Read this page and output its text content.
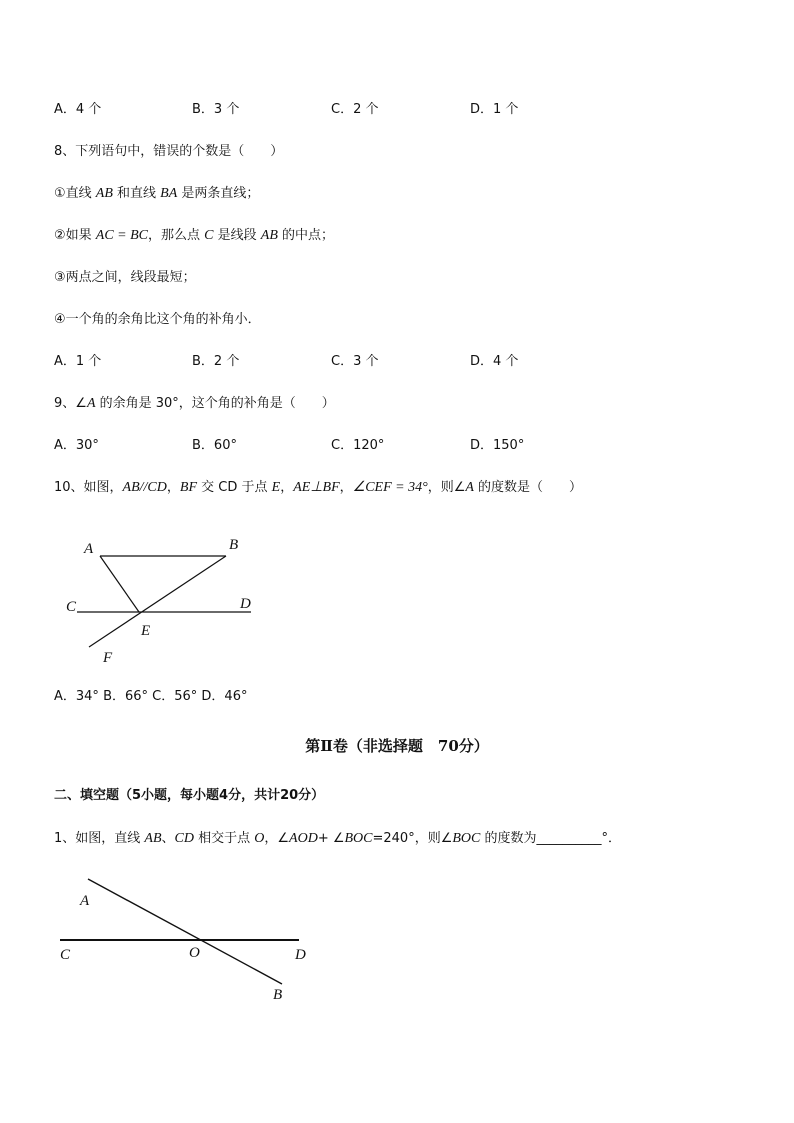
A．4 个	B．3 个	C．2 个	D．1 个
8、下列语句中，错误的个数是（　　）
①直线 AB 和直线 BA 是两条直线；
②如果 AC = BC，那么点 C 是线段 AB 的中点；
③两点之间，线段最短；
④一个角的余角比这个角的补角小．
A．1 个	B．2 个	C．3 个	D．4 个
9、∠A 的余角是 30°，这个角的补角是（　　）
A．30°	B．60°	C．120°	D．150°
10、如图，AB//CD，BF 交 CD 于点 E，AE⊥BF，∠CEF = 34°，则∠A 的度数是（　　）
A	B
C	D
E
F
A．34° B．66° C．56° D．46°
第Ⅱ卷（非选择题　70分）
二、填空题（5小题，每小题4分，共计20分）
1、如图，直线 AB、CD 相交于点 O，∠AOD+ ∠BOC=240°，则∠BOC 的度数为__________°．
A
C	O	D
B
